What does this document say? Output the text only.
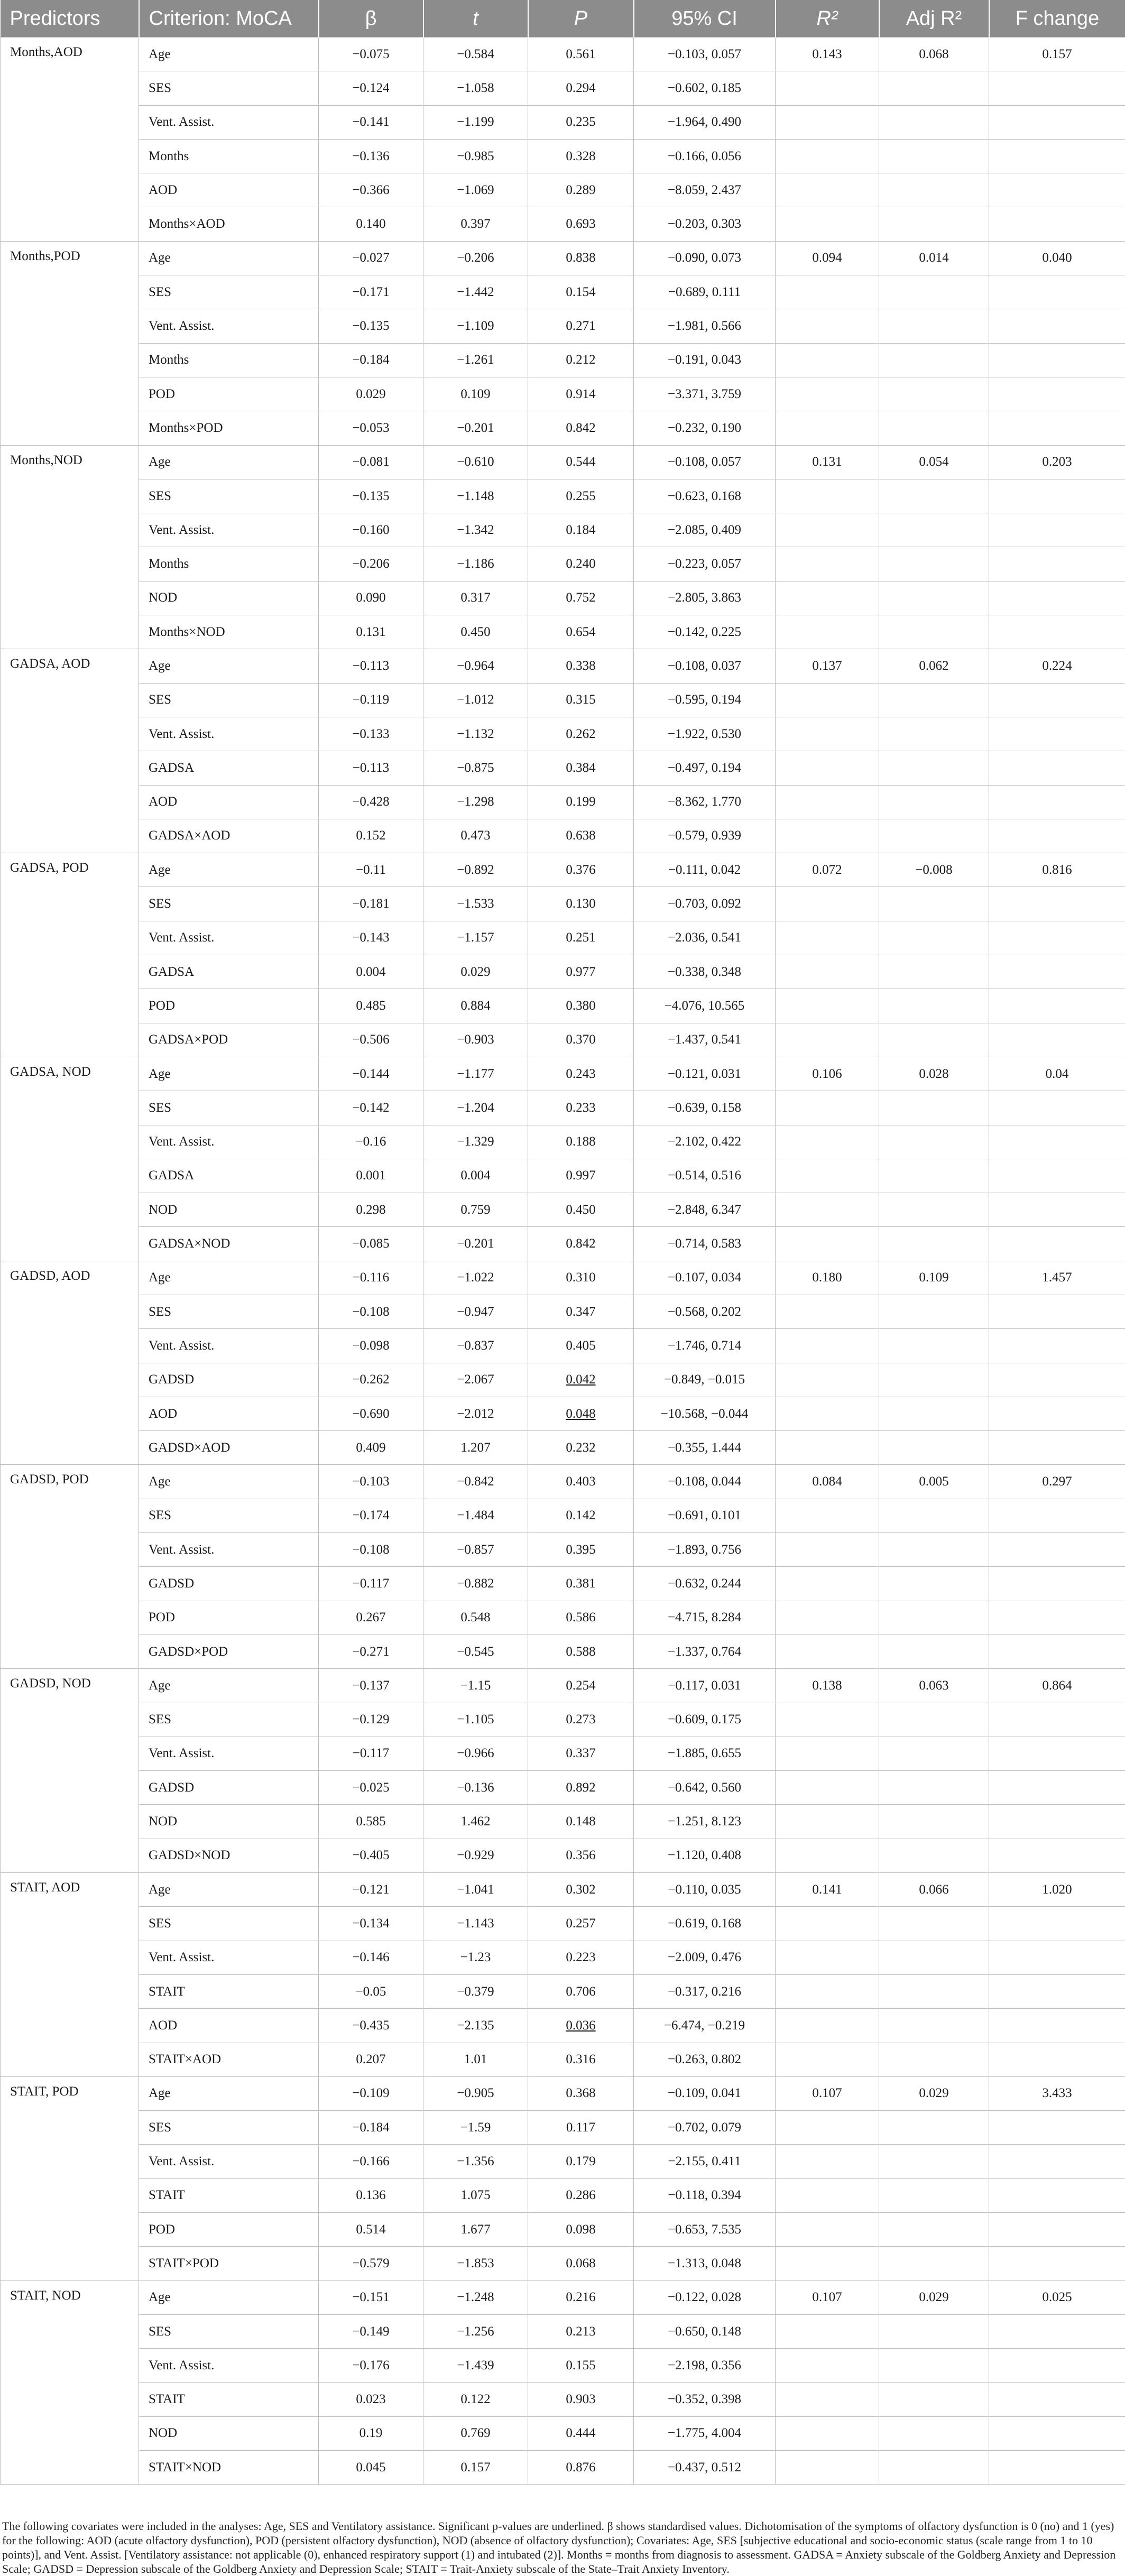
Predictors	Criterion: MoCA	β	t	P	95% CI	R²	Adj R²	F change
Months,AOD	Age	−0.075	−0.584	0.561	−0.103, 0.057	0.143	0.068	0.157
	SES	−0.124	−1.058	0.294	−0.602, 0.185			
	Vent. Assist.	−0.141	−1.199	0.235	−1.964, 0.490			
	Months	−0.136	−0.985	0.328	−0.166, 0.056			
	AOD	−0.366	−1.069	0.289	−8.059, 2.437			
	Months×AOD	0.140	0.397	0.693	−0.203, 0.303			
Months,POD	Age	−0.027	−0.206	0.838	−0.090, 0.073	0.094	0.014	0.040
	SES	−0.171	−1.442	0.154	−0.689, 0.111			
	Vent. Assist.	−0.135	−1.109	0.271	−1.981, 0.566			
	Months	−0.184	−1.261	0.212	−0.191, 0.043			
	POD	0.029	0.109	0.914	−3.371, 3.759			
	Months×POD	−0.053	−0.201	0.842	−0.232, 0.190			
Months,NOD	Age	−0.081	−0.610	0.544	−0.108, 0.057	0.131	0.054	0.203
	SES	−0.135	−1.148	0.255	−0.623, 0.168			
	Vent. Assist.	−0.160	−1.342	0.184	−2.085, 0.409			
	Months	−0.206	−1.186	0.240	−0.223, 0.057			
	NOD	0.090	0.317	0.752	−2.805, 3.863			
	Months×NOD	0.131	0.450	0.654	−0.142, 0.225			
GADSA, AOD	Age	−0.113	−0.964	0.338	−0.108, 0.037	0.137	0.062	0.224
	SES	−0.119	−1.012	0.315	−0.595, 0.194			
	Vent. Assist.	−0.133	−1.132	0.262	−1.922, 0.530			
	GADSA	−0.113	−0.875	0.384	−0.497, 0.194			
	AOD	−0.428	−1.298	0.199	−8.362, 1.770			
	GADSA×AOD	0.152	0.473	0.638	−0.579, 0.939			
GADSA, POD	Age	−0.11	−0.892	0.376	−0.111, 0.042	0.072	−0.008	0.816
	SES	−0.181	−1.533	0.130	−0.703, 0.092			
	Vent. Assist.	−0.143	−1.157	0.251	−2.036, 0.541			
	GADSA	0.004	0.029	0.977	−0.338, 0.348			
	POD	0.485	0.884	0.380	−4.076, 10.565			
	GADSA×POD	−0.506	−0.903	0.370	−1.437, 0.541			
GADSA, NOD	Age	−0.144	−1.177	0.243	−0.121, 0.031	0.106	0.028	0.04
	SES	−0.142	−1.204	0.233	−0.639, 0.158			
	Vent. Assist.	−0.16	−1.329	0.188	−2.102, 0.422			
	GADSA	0.001	0.004	0.997	−0.514, 0.516			
	NOD	0.298	0.759	0.450	−2.848, 6.347			
	GADSA×NOD	−0.085	−0.201	0.842	−0.714, 0.583			
GADSD, AOD	Age	−0.116	−1.022	0.310	−0.107, 0.034	0.180	0.109	1.457
	SES	−0.108	−0.947	0.347	−0.568, 0.202			
	Vent. Assist.	−0.098	−0.837	0.405	−1.746, 0.714			
	GADSD	−0.262	−2.067	0.042	−0.849, −0.015			
	AOD	−0.690	−2.012	0.048	−10.568, −0.044			
	GADSD×AOD	0.409	1.207	0.232	−0.355, 1.444			
GADSD, POD	Age	−0.103	−0.842	0.403	−0.108, 0.044	0.084	0.005	0.297
	SES	−0.174	−1.484	0.142	−0.691, 0.101			
	Vent. Assist.	−0.108	−0.857	0.395	−1.893, 0.756			
	GADSD	−0.117	−0.882	0.381	−0.632, 0.244			
	POD	0.267	0.548	0.586	−4.715, 8.284			
	GADSD×POD	−0.271	−0.545	0.588	−1.337, 0.764			
GADSD, NOD	Age	−0.137	−1.15	0.254	−0.117, 0.031	0.138	0.063	0.864
	SES	−0.129	−1.105	0.273	−0.609, 0.175			
	Vent. Assist.	−0.117	−0.966	0.337	−1.885, 0.655			
	GADSD	−0.025	−0.136	0.892	−0.642, 0.560			
	NOD	0.585	1.462	0.148	−1.251, 8.123			
	GADSD×NOD	−0.405	−0.929	0.356	−1.120, 0.408			
STAIT, AOD	Age	−0.121	−1.041	0.302	−0.110, 0.035	0.141	0.066	1.020
	SES	−0.134	−1.143	0.257	−0.619, 0.168			
	Vent. Assist.	−0.146	−1.23	0.223	−2.009, 0.476			
	STAIT	−0.05	−0.379	0.706	−0.317, 0.216			
	AOD	−0.435	−2.135	0.036	−6.474, −0.219			
	STAIT×AOD	0.207	1.01	0.316	−0.263, 0.802			
STAIT, POD	Age	−0.109	−0.905	0.368	−0.109, 0.041	0.107	0.029	3.433
	SES	−0.184	−1.59	0.117	−0.702, 0.079			
	Vent. Assist.	−0.166	−1.356	0.179	−2.155, 0.411			
	STAIT	0.136	1.075	0.286	−0.118, 0.394			
	POD	0.514	1.677	0.098	−0.653, 7.535			
	STAIT×POD	−0.579	−1.853	0.068	−1.313, 0.048			
STAIT, NOD	Age	−0.151	−1.248	0.216	−0.122, 0.028	0.107	0.029	0.025
	SES	−0.149	−1.256	0.213	−0.650, 0.148			
	Vent. Assist.	−0.176	−1.439	0.155	−2.198, 0.356			
	STAIT	0.023	0.122	0.903	−0.352, 0.398			
	NOD	0.19	0.769	0.444	−1.775, 4.004			
	STAIT×NOD	0.045	0.157	0.876	−0.437, 0.512			
The following covariates were included in the analyses: Age, SES and Ventilatory assistance. Significant p-values are underlined. β shows standardised values. Dichotomisation of the symptoms of olfactory dysfunction is 0 (no) and 1 (yes) for the following: AOD (acute olfactory dysfunction), POD (persistent olfactory dysfunction), NOD (absence of olfactory dysfunction); Covariates: Age, SES [subjective educational and socio-economic status (scale range from 1 to 10 points)], and Vent. Assist. [Ventilatory assistance: not applicable (0), enhanced respiratory support (1) and intubated (2)]. Months = months from diagnosis to assessment. GADSA = Anxiety subscale of the Goldberg Anxiety and Depression Scale; GADSD = Depression subscale of the Goldberg Anxiety and Depression Scale; STAIT = Trait-Anxiety subscale of the State–Trait Anxiety Inventory.
